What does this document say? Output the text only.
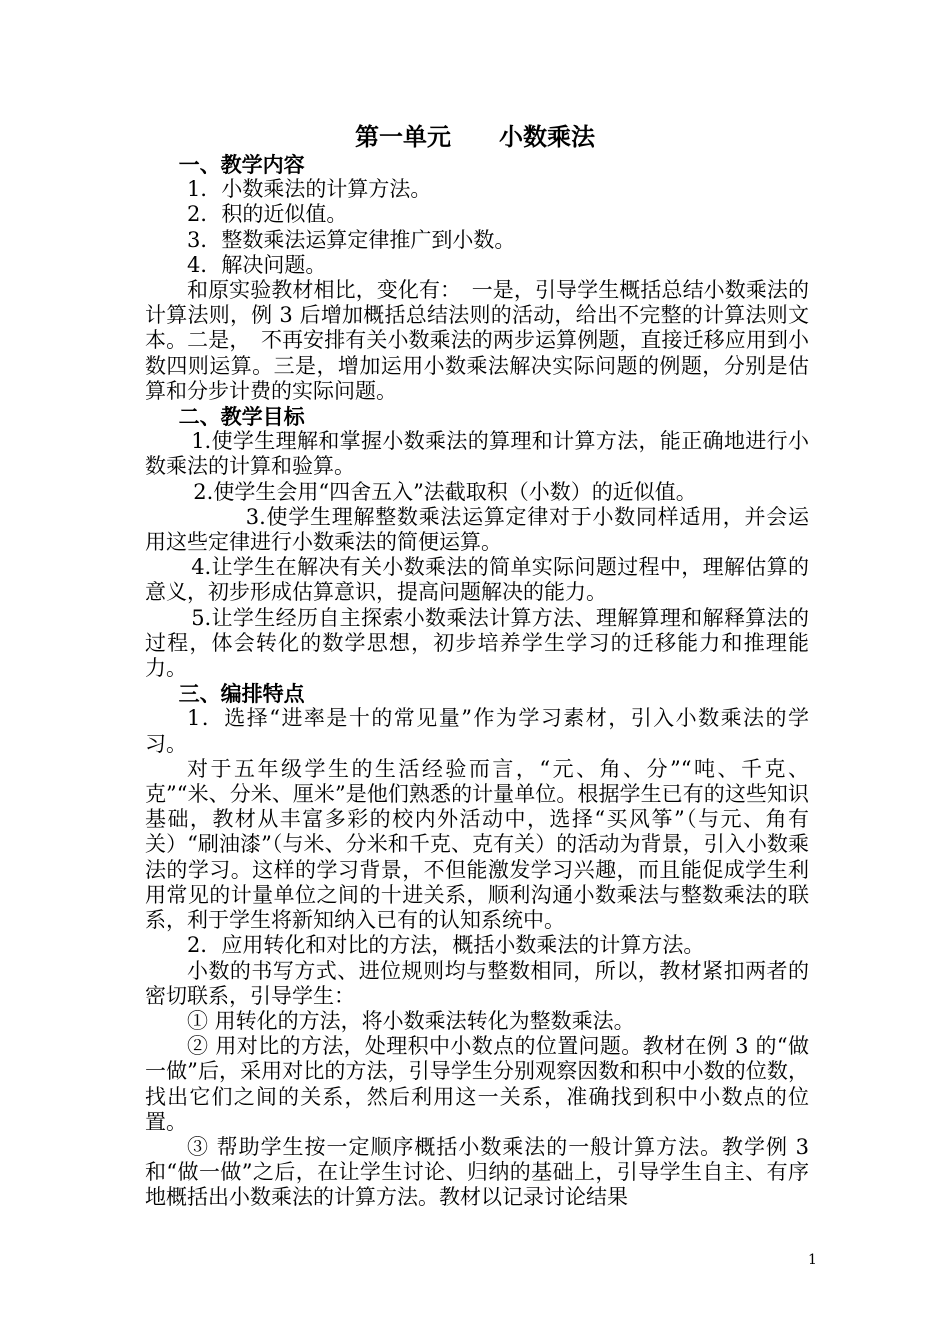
第一单元　　小数乘法

一、教学内容

1．小数乘法的计算方法。

2．积的近似值。

3．整数乘法运算定律推广到小数。

4．解决问题。

和原实验教材相比，变化有：　一是，引导学生概括总结小数乘法的计算法则，例 3 后增加概括总结法则的活动，给出不完整的计算法则文本。二是，　不再安排有关小数乘法的两步运算例题，直接迁移应用到小数四则运算。三是，增加运用小数乘法解决实际问题的例题，分别是估算和分步计费的实际问题。

二、教学目标

1.使学生理解和掌握小数乘法的算理和计算方法，能正确地进行小数乘法的计算和验算。

2.使学生会用“四舍五入”法截取积（小数）的近似值。

3.使学生理解整数乘法运算定律对于小数同样适用，并会运用这些定律进行小数乘法的简便运算。

4.让学生在解决有关小数乘法的简单实际问题过程中，理解估算的意义，初步形成估算意识，提高问题解决的能力。

5.让学生经历自主探索小数乘法计算方法、理解算理和解释算法的过程，体会转化的数学思想，初步培养学生学习的迁移能力和推理能力。

三、编排特点

1．选择“进率是十的常见量”作为学习素材，引入小数乘法的学习。

对于五年级学生的生活经验而言，“元、角、分”“吨、千克、克”“米、分米、厘米”是他们熟悉的计量单位。根据学生已有的这些知识基础，教材从丰富多彩的校内外活动中，选择“买风筝”（与元、角有关）“刷油漆”（与米、分米和千克、克有关）的活动为背景，引入小数乘法的学习。这样的学习背景，不但能激发学习兴趣，而且能促成学生利用常见的计量单位之间的十进关系，顺利沟通小数乘法与整数乘法的联系，利于学生将新知纳入已有的认知系统中。

2．应用转化和对比的方法，概括小数乘法的计算方法。

小数的书写方式、进位规则均与整数相同，所以，教材紧扣两者的密切联系，引导学生：

① 用转化的方法，将小数乘法转化为整数乘法。

② 用对比的方法，处理积中小数点的位置问题。教材在例 3 的“做一做”后，采用对比的方法，引导学生分别观察因数和积中小数的位数，找出它们之间的关系，然后利用这一关系，准确找到积中小数点的位置。

③ 帮助学生按一定顺序概括小数乘法的一般计算方法。教学例 3 和“做一做”之后，在让学生讨论、归纳的基础上，引导学生自主、有序地概括出小数乘法的计算方法。教材以记录讨论结果

1
